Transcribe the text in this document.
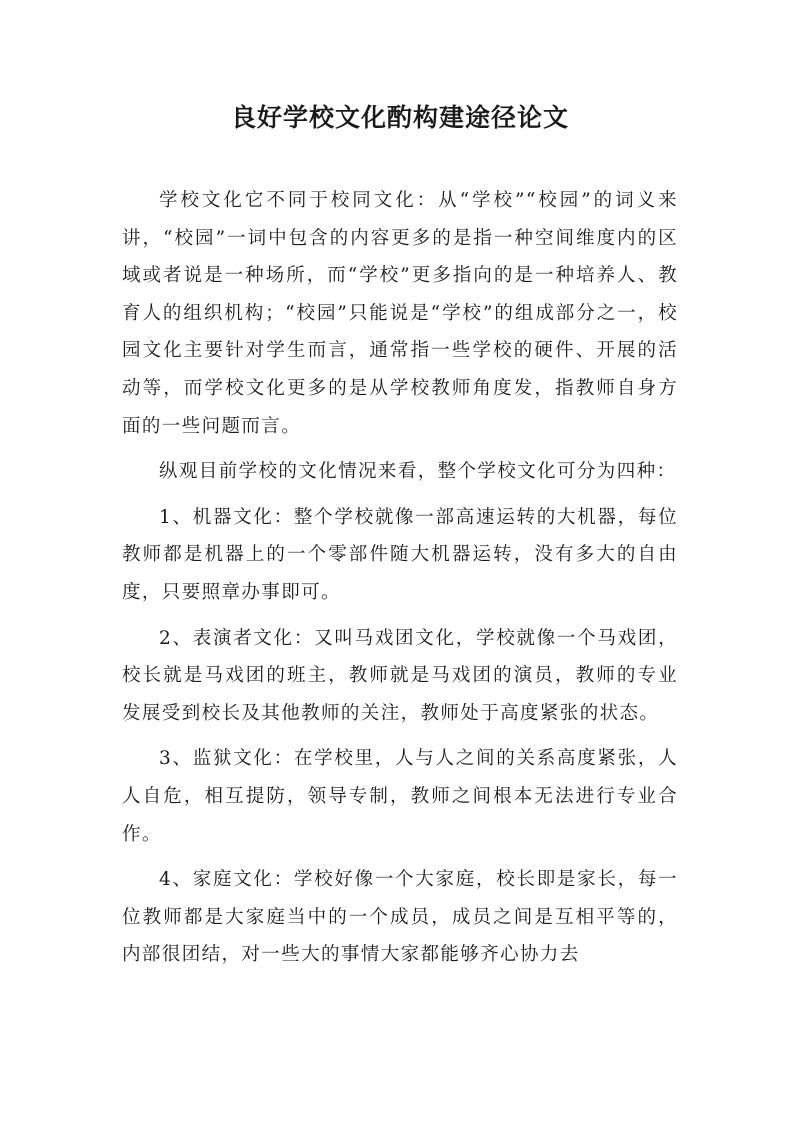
良好学校文化酌构建途径论文

学校文化它不同于校同文化：从“学校”“校园”的词义来讲，“校园”一词中包含的内容更多的是指一种空间维度内的区域或者说是一种场所，而“学校”更多指向的是一种培养人、教育人的组织机构；“校园”只能说是“学校”的组成部分之一，校园文化主要针对学生而言，通常指一些学校的硬件、开展的活动等，而学校文化更多的是从学校教师角度发，指教师自身方面的一些问题而言。

纵观目前学校的文化情况来看，整个学校文化可分为四种：

1、机器文化：整个学校就像一部高速运转的大机器，每位教师都是机器上的一个零部件随大机器运转，没有多大的自由度，只要照章办事即可。

2、表演者文化：又叫马戏团文化，学校就像一个马戏团，校长就是马戏团的班主，教师就是马戏团的演员，教师的专业发展受到校长及其他教师的关注，教师处于高度紧张的状态。

3、监狱文化：在学校里，人与人之间的关系高度紧张，人人自危，相互提防，领导专制，教师之间根本无法进行专业合作。

4、家庭文化：学校好像一个大家庭，校长即是家长，每一位教师都是大家庭当中的一个成员，成员之间是互相平等的，内部很团结，对一些大的事情大家都能够齐心协力去
